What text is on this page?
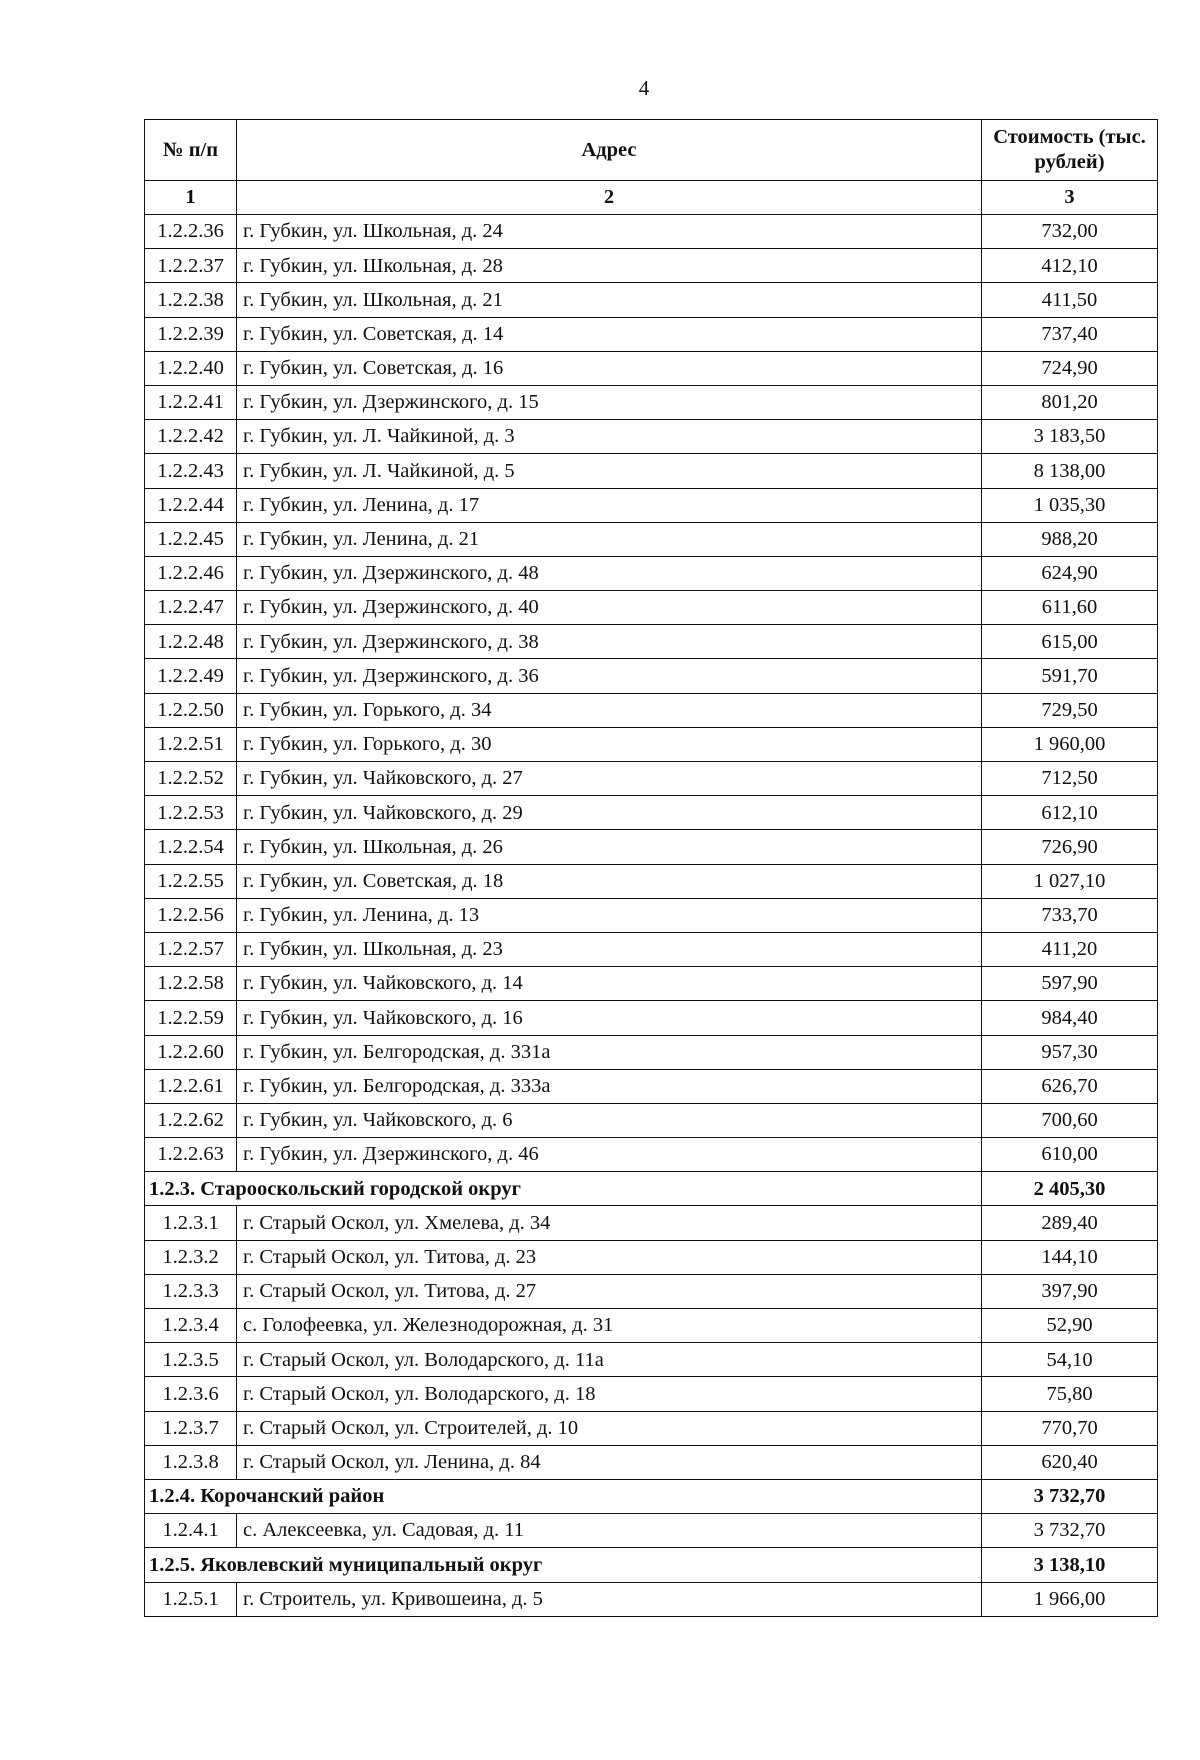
4
№ п/п	Адрес	Стоимость (тыс. рублей)
1	2	3
1.2.2.36	г. Губкин, ул. Школьная, д. 24	732,00
1.2.2.37	г. Губкин, ул. Школьная, д. 28	412,10
1.2.2.38	г. Губкин, ул. Школьная, д. 21	411,50
1.2.2.39	г. Губкин, ул. Советская, д. 14	737,40
1.2.2.40	г. Губкин, ул. Советская, д. 16	724,90
1.2.2.41	г. Губкин, ул. Дзержинского, д. 15	801,20
1.2.2.42	г. Губкин, ул. Л. Чайкиной, д. 3	3 183,50
1.2.2.43	г. Губкин, ул. Л. Чайкиной, д. 5	8 138,00
1.2.2.44	г. Губкин, ул. Ленина, д. 17	1 035,30
1.2.2.45	г. Губкин, ул. Ленина, д. 21	988,20
1.2.2.46	г. Губкин, ул. Дзержинского, д. 48	624,90
1.2.2.47	г. Губкин, ул. Дзержинского, д. 40	611,60
1.2.2.48	г. Губкин, ул. Дзержинского, д. 38	615,00
1.2.2.49	г. Губкин, ул. Дзержинского, д. 36	591,70
1.2.2.50	г. Губкин, ул. Горького, д. 34	729,50
1.2.2.51	г. Губкин, ул. Горького, д. 30	1 960,00
1.2.2.52	г. Губкин, ул. Чайковского, д. 27	712,50
1.2.2.53	г. Губкин, ул. Чайковского, д. 29	612,10
1.2.2.54	г. Губкин, ул. Школьная, д. 26	726,90
1.2.2.55	г. Губкин, ул. Советская, д. 18	1 027,10
1.2.2.56	г. Губкин, ул. Ленина, д. 13	733,70
1.2.2.57	г. Губкин, ул. Школьная, д. 23	411,20
1.2.2.58	г. Губкин, ул. Чайковского, д. 14	597,90
1.2.2.59	г. Губкин, ул. Чайковского, д. 16	984,40
1.2.2.60	г. Губкин, ул. Белгородская, д. 331а	957,30
1.2.2.61	г. Губкин, ул. Белгородская, д. 333а	626,70
1.2.2.62	г. Губкин, ул. Чайковского, д. 6	700,60
1.2.2.63	г. Губкин, ул. Дзержинского, д. 46	610,00
1.2.3. Старооскольский городской округ		2 405,30
1.2.3.1	г. Старый Оскол, ул. Хмелева, д. 34	289,40
1.2.3.2	г. Старый Оскол, ул. Титова, д. 23	144,10
1.2.3.3	г. Старый Оскол, ул. Титова, д. 27	397,90
1.2.3.4	с. Голофеевка, ул. Железнодорожная, д. 31	52,90
1.2.3.5	г. Старый Оскол, ул. Володарского, д. 11а	54,10
1.2.3.6	г. Старый Оскол, ул. Володарского, д. 18	75,80
1.2.3.7	г. Старый Оскол, ул. Строителей, д. 10	770,70
1.2.3.8	г. Старый Оскол, ул. Ленина, д. 84	620,40
1.2.4. Корочанский район		3 732,70
1.2.4.1	с. Алексеевка, ул. Садовая, д. 11	3 732,70
1.2.5. Яковлевский муниципальный округ		3 138,10
1.2.5.1	г. Строитель, ул. Кривошеина, д. 5	1 966,00
